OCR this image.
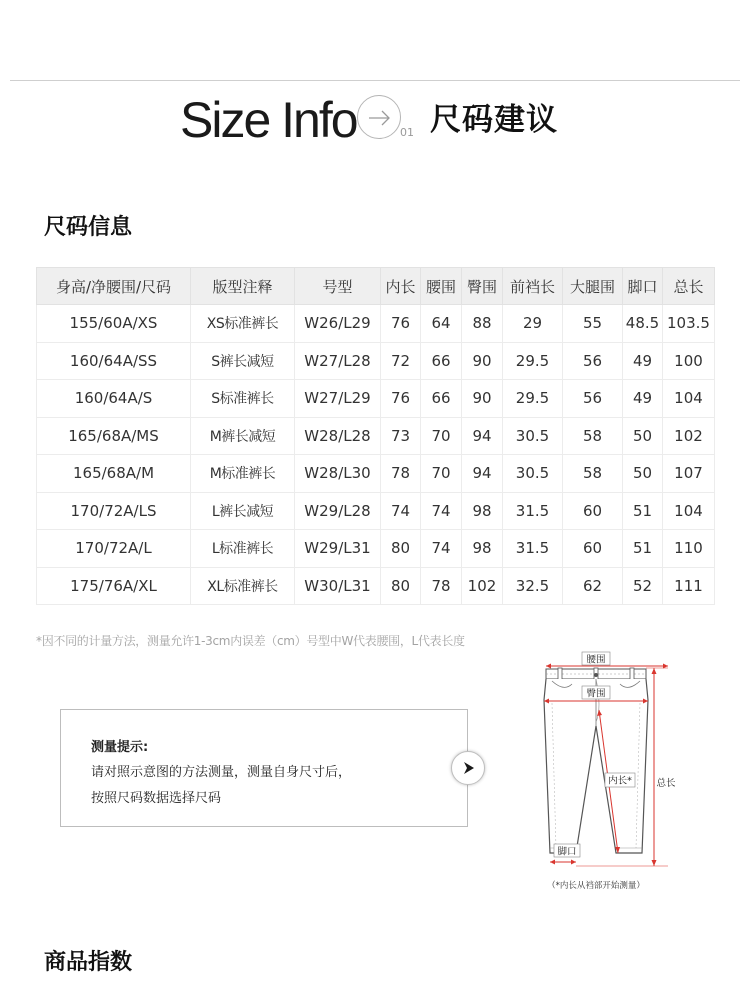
Size Info	01 尺码建议
尺码信息
身高/净腰围/尺码	版型注释	号型	内长	腰围	臀围	前裆长	大腿围	脚口	总长
155/60A/XS	XS标准裤长	W26/L29	76	64	88	29	55	48.5	103.5
160/64A/SS	S裤长减短	W27/L28	72	66	90	29.5	56	49	100
160/64A/S	S标准裤长	W27/L29	76	66	90	29.5	56	49	104
165/68A/MS	M裤长减短	W28/L28	73	70	94	30.5	58	50	102
165/68A/M	M标准裤长	W28/L30	78	70	94	30.5	58	50	107
170/72A/LS	L裤长减短	W29/L28	74	74	98	31.5	60	51	104
170/72A/L	L标准裤长	W29/L31	80	74	98	31.5	60	51	110
175/76A/XL	XL标准裤长	W30/L31	80	78	102	32.5	62	52	111
*因不同的计量方法，测量允许1-3cm内误差（cm）号型中W代表腰围，L代表长度
测量提示:
请对照示意图的方法测量，测量自身尺寸后，
按照尺码数据选择尺码
腰围
臀围
内长*	总长
脚口
（*内长从裆部开始测量）
商品指数
